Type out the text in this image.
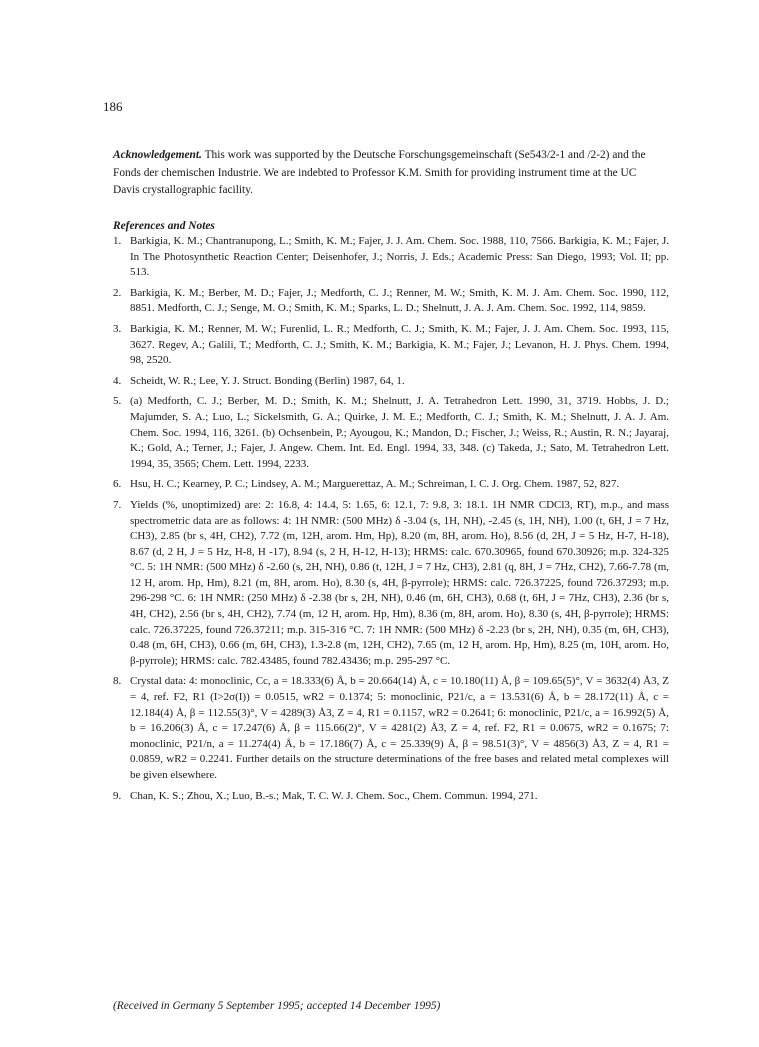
186
Acknowledgement. This work was supported by the Deutsche Forschungsgemeinschaft (Se543/2-1 and /2-2) and the Fonds der chemischen Industrie. We are indebted to Professor K.M. Smith for providing instrument time at the UC Davis crystallographic facility.
References and Notes
1. Barkigia, K. M.; Chantranupong, L.; Smith, K. M.; Fajer, J. J. Am. Chem. Soc. 1988, 110, 7566. Barkigia, K. M.; Fajer, J. In The Photosynthetic Reaction Center; Deisenhofer, J.; Norris, J. Eds.; Academic Press: San Diego, 1993; Vol. II; pp. 513.
2. Barkigia, K. M.; Berber, M. D.; Fajer, J.; Medforth, C. J.; Renner, M. W.; Smith, K. M. J. Am. Chem. Soc. 1990, 112, 8851. Medforth, C. J.; Senge, M. O.; Smith, K. M.; Sparks, L. D.; Shelnutt, J. A. J. Am. Chem. Soc. 1992, 114, 9859.
3. Barkigia, K. M.; Renner, M. W.; Furenlid, L. R.; Medforth, C. J.; Smith, K. M.; Fajer, J. J. Am. Chem. Soc. 1993, 115, 3627. Regev, A.; Galili, T.; Medforth, C. J.; Smith, K. M.; Barkigia, K. M.; Fajer, J.; Levanon, H. J. Phys. Chem. 1994, 98, 2520.
4. Scheidt, W. R.; Lee, Y. J. Struct. Bonding (Berlin) 1987, 64, 1.
5. (a) Medforth, C. J.; Berber, M. D.; Smith, K. M.; Shelnutt, J. A. Tetrahedron Lett. 1990, 31, 3719. Hobbs, J. D.; Majumder, S. A.; Luo, L.; Sickelsmith, G. A.; Quirke, J. M. E.; Medforth, C. J.; Smith, K. M.; Shelnutt, J. A. J. Am. Chem. Soc. 1994, 116, 3261. (b) Ochsenbein, P.; Ayougou, K.; Mandon, D.; Fischer, J.; Weiss, R.; Austin, R. N.; Jayaraj, K.; Gold, A.; Terner, J.; Fajer, J. Angew. Chem. Int. Ed. Engl. 1994, 33, 348. (c) Takeda, J.; Sato, M. Tetrahedron Lett. 1994, 35, 3565; Chem. Lett. 1994, 2233.
6. Hsu, H. C.; Kearney, P. C.; Lindsey, A. M.; Marguerettaz, A. M.; Schreiman, I. C. J. Org. Chem. 1987, 52, 827.
7. Yields (%, unoptimized) are: 2: 16.8, 4: 14.4, 5: 1.65, 6: 12.1, 7: 9.8, 3: 18.1. 1H NMR CDCl3, RT), m.p., and mass spectrometric data are as follows: 4: 1H NMR: (500 MHz) δ -3.04 (s, 1H, NH), -2.45 (s, 1H, NH), 1.00 (t, 6H, J = 7 Hz, CH3), 2.85 (br s, 4H, CH2), 7.72 (m, 12H, arom. Hm, Hp), 8.20 (m, 8H, arom. Ho), 8.56 (d, 2H, J = 5 Hz, H-7, H-18), 8.67 (d, 2 H, J = 5 Hz, H-8, H -17), 8.94 (s, 2 H, H-12, H-13); HRMS: calc. 670.30965, found 670.30926; m.p. 324-325 °C. 5: 1H NMR: (500 MHz) δ -2.60 (s, 2H, NH), 0.86 (t, 12H, J = 7 Hz, CH3), 2.81 (q, 8H, J = 7Hz, CH2), 7.66-7.78 (m, 12 H, arom. Hp, Hm), 8.21 (m, 8H, arom. Ho), 8.30 (s, 4H, β-pyrrole); HRMS: calc. 726.37225, found 726.37293; m.p. 296-298 °C. 6: 1H NMR: (250 MHz) δ -2.38 (br s, 2H, NH), 0.46 (m, 6H, CH3), 0.68 (t, 6H, J = 7Hz, CH3), 2.36 (br s, 4H, CH2), 2.56 (br s, 4H, CH2), 7.74 (m, 12 H, arom. Hp, Hm), 8.36 (m, 8H, arom. Ho), 8.30 (s, 4H, β-pyrrole); HRMS: calc. 726.37225, found 726.37211; m.p. 315-316 °C. 7: 1H NMR: (500 MHz) δ -2.23 (br s, 2H, NH), 0.35 (m, 6H, CH3), 0.48 (m, 6H, CH3), 0.66 (m, 6H, CH3), 1.3-2.8 (m, 12H, CH2), 7.65 (m, 12 H, arom. Hp, Hm), 8.25 (m, 10H, arom. Ho, β-pyrrole); HRMS: calc. 782.43485, found 782.43436; m.p. 295-297 °C.
8. Crystal data: 4: monoclinic, Cc, a = 18.333(6) Å, b = 20.664(14) Å, c = 10.180(11) Å, β = 109.65(5)°, V = 3632(4) Å3, Z = 4, ref. F2, R1 (I>2σ(I)) = 0.0515, wR2 = 0.1374; 5: monoclinic, P21/c, a = 13.531(6) Å, b = 28.172(11) Å, c = 12.184(4) Å, β = 112.55(3)°, V = 4289(3) Å3, Z = 4, R1 = 0.1157, wR2 = 0.2641; 6: monoclinic, P21/c, a = 16.992(5) Å, b = 16.206(3) Å, c = 17.247(6) Å, β = 115.66(2)°, V = 4281(2) Å3, Z = 4, ref. F2, R1 = 0.0675, wR2 = 0.1675; 7: monoclinic, P21/n, a = 11.274(4) Å, b = 17.186(7) Å, c = 25.339(9) Å, β = 98.51(3)°, V = 4856(3) Å3, Z = 4, R1 = 0.0859, wR2 = 0.2241. Further details on the structure determinations of the free bases and related metal complexes will be given elsewhere.
9. Chan, K. S.; Zhou, X.; Luo, B.-s.; Mak, T. C. W. J. Chem. Soc., Chem. Commun. 1994, 271.
(Received in Germany 5 September 1995; accepted 14 December 1995)
